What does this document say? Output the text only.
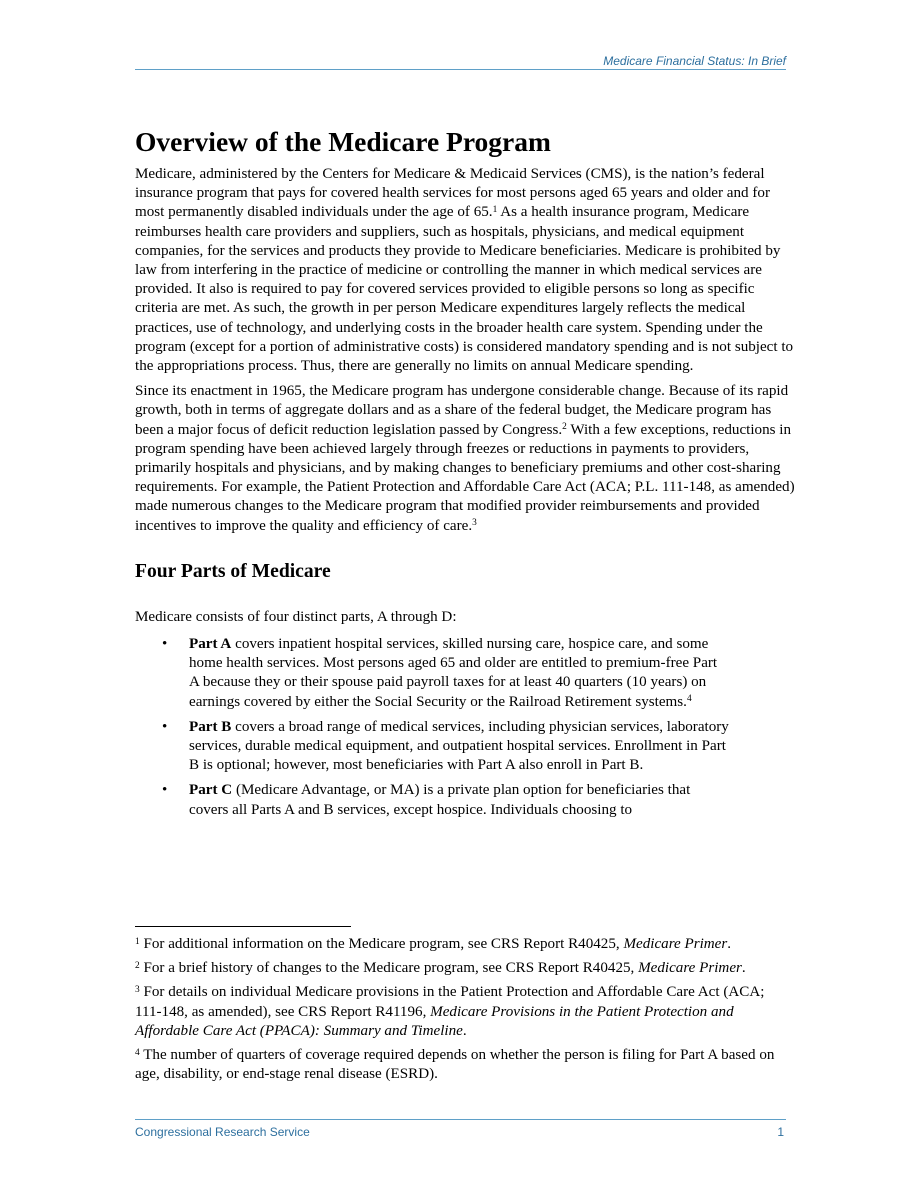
Medicare Financial Status: In Brief
Overview of the Medicare Program

Medicare, administered by the Centers for Medicare & Medicaid Services (CMS), is the nation’s federal insurance program that pays for covered health services for most persons aged 65 years and older and for most permanently disabled individuals under the age of 65.$^1$ As a health insurance program, Medicare reimburses health care providers and suppliers, such as hospitals, physicians, and medical equipment companies, for the services and products they provide to Medicare beneficiaries. Medicare is prohibited by law from interfering in the practice of medicine or controlling the manner in which medical services are provided. It also is required to pay for covered services provided to eligible persons so long as specific criteria are met. As such, the growth in per person Medicare expenditures largely reflects the medical practices, use of technology, and underlying costs in the broader health care system. Spending under the program (except for a portion of administrative costs) is considered mandatory spending and is not subject to the appropriations process. Thus, there are generally no limits on annual Medicare spending.

Since its enactment in 1965, the Medicare program has undergone considerable change. Because of its rapid growth, both in terms of aggregate dollars and as a share of the federal budget, the Medicare program has been a major focus of deficit reduction legislation passed by Congress.$^2$ With a few exceptions, reductions in program spending have been achieved largely through freezes or reductions in payments to providers, primarily hospitals and physicians, and by making changes to beneficiary premiums and other cost-sharing requirements. For example, the Patient Protection and Affordable Care Act (ACA; P.L. 111-148, as amended) made numerous changes to the Medicare program that modified provider reimbursements and provided incentives to improve the quality and efficiency of care.$^3$

Four Parts of Medicare

Medicare consists of four distinct parts, A through D:

• Part A covers inpatient hospital services, skilled nursing care, hospice care, and some home health services. Most persons aged 65 and older are entitled to premium-free Part A because they or their spouse paid payroll taxes for at least 40 quarters (10 years) on earnings covered by either the Social Security or the Railroad Retirement systems.$^4$
• Part B covers a broad range of medical services, including physician services, laboratory services, durable medical equipment, and outpatient hospital services. Enrollment in Part B is optional; however, most beneficiaries with Part A also enroll in Part B.
• Part C (Medicare Advantage, or MA) is a private plan option for beneficiaries that covers all Parts A and B services, except hospice. Individuals choosing to

$^1$ For additional information on the Medicare program, see CRS Report R40425, Medicare Primer.

$^2$ For a brief history of changes to the Medicare program, see CRS Report R40425, Medicare Primer.

$^3$ For details on individual Medicare provisions in the Patient Protection and Affordable Care Act (ACA; 111-148, as amended), see CRS Report R41196, Medicare Provisions in the Patient Protection and Affordable Care Act (PPACA): Summary and Timeline.

$^4$ The number of quarters of coverage required depends on whether the person is filing for Part A based on age, disability, or end-stage renal disease (ESRD).

Congressional Research Service	1
